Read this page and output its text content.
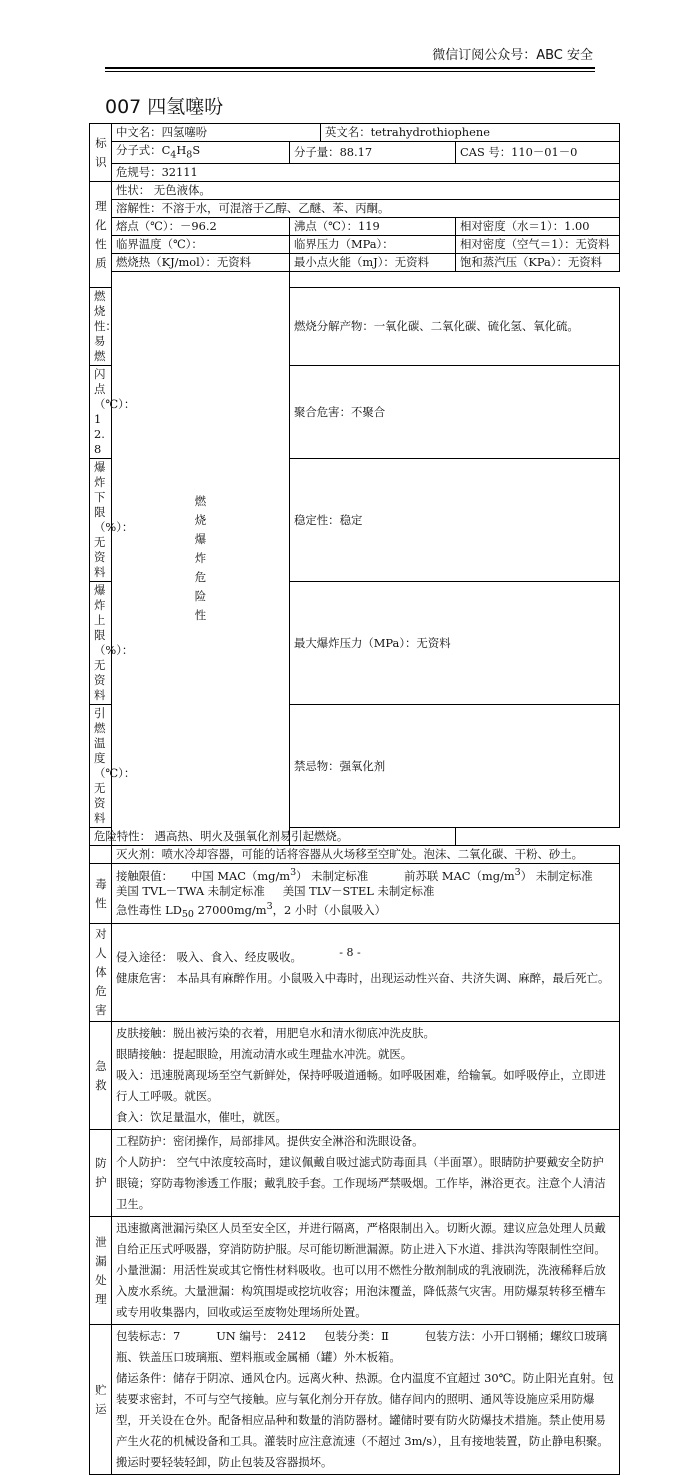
微信订阅公众号：ABC 安全
007 四氢噻吩
标识	中文名：四氢噻吩		英文名：tetrahydrothiophene	
	分子式：$C_4H_8S$	分子量：88.17		CAS 号：110－01－0
	危规号：32111			
理化性质	性状： 无色液体。			
	溶解性：不溶于水，可混溶于乙醇、乙醚、苯、丙酮。			
	熔点（℃）：－96.2	沸点（℃）：119		相对密度（水＝1）：1.00
	临界温度（℃）：	临界压力（MPa）：		相对密度（空气＝1）：无资料
	燃烧热（KJ/mol）：无资料	最小点火能（mJ）：无资料		饱和蒸汽压（KPa）：无资料
	燃烧爆炸危险性		
燃烧性：易燃		燃烧分解产物：一氧化碳、二氧化碳、硫化氢、氧化硫。		
闪点（℃）：12.8		聚合危害：不聚合		
爆炸下限（%）：无资料		稳定性：稳定		
爆炸上限（%）：无资料		最大爆炸压力（MPa）：无资料		
引燃温度（℃）：无资料		禁忌物：强氧化剂		
危险特性： 遇高热、明火及强氧化剂易引起燃烧。				
	灭火剂：喷水冷却容器，可能的话将容器从火场移至空旷处。泡沫、二氧化碳、干粉、砂土。			
毒性	接触限值： 中国 $MAC(mg/m^3)$ 未制定标准 前苏联 $MAC(mg/m^3)$ 未制定标准
美国 TVL－TWA 未制定标准 美国 TLV－STEL 未制定标准
急性毒性 $LD_{50}$ $27000mg/m^3$，2 小时（小鼠吸入）			

对人体危害	侵入途径： 吸入、食入、经皮吸收。
健康危害： 本品具有麻醉作用。小鼠吸入中毒时，出现运动性兴奋、共济失调、麻醉，最后死亡。			

急救	皮肤接触：脱出被污染的衣着，用肥皂水和清水彻底冲洗皮肤。
眼睛接触：提起眼睑，用流动清水或生理盐水冲洗。就医。
吸入：迅速脱离现场至空气新鲜处，保持呼吸道通畅。如呼吸困难，给输氧。如呼吸停止，立即进行人工呼吸。就医。
食入：饮足量温水，催吐，就医。			

防护	工程防护：密闭操作，局部排风。提供安全淋浴和洗眼设备。
个人防护： 空气中浓度较高时，建议佩戴自吸过滤式防毒面具（半面罩）。眼睛防护要戴安全防护眼镜；穿防毒物渗透工作服；戴乳胶手套。工作现场严禁吸烟。工作毕，淋浴更衣。注意个人清洁卫生。			

泄漏处理	迅速撤离泄漏污染区人员至安全区，并进行隔离，严格限制出入。切断火源。建议应急处理人员戴自给正压式呼吸器，穿消防防护服。尽可能切断泄漏源。防止进入下水道、排洪沟等限制性空间。小量泄漏：用活性炭或其它惰性材料吸收。也可以用不燃性分散剂制成的乳液刷洗，洗液稀释后放入废水系统。大量泄漏：构筑围堤或挖坑收容；用泡沫覆盖，降低蒸气灾害。用防爆泵转移至槽车或专用收集器内，回收或运至废物处理场所处置。			
贮运	包装标志：7 UN 编号： 2412 包装分类：Ⅱ 包装方法：小开口钢桶；螺纹口玻璃瓶、铁盖压口玻璃瓶、塑料瓶或金属桶（罐）外木板箱。
储运条件：储存于阴凉、通风仓内。远离火种、热源。仓内温度不宜超过 30℃。防止阳光直射。包装要求密封，不可与空气接触。应与氧化剂分开存放。储存间内的照明、通风等设施应采用防爆型，开关设在仓外。配备相应品种和数量的消防器材。罐储时要有防火防爆技术措施。禁止使用易产生火花的机械设备和工具。灌装时应注意流速（不超过 3m/s），且有接地装置，防止静电积聚。搬运时要轻装轻卸，防止包装及容器损坏。			
- 8 -
